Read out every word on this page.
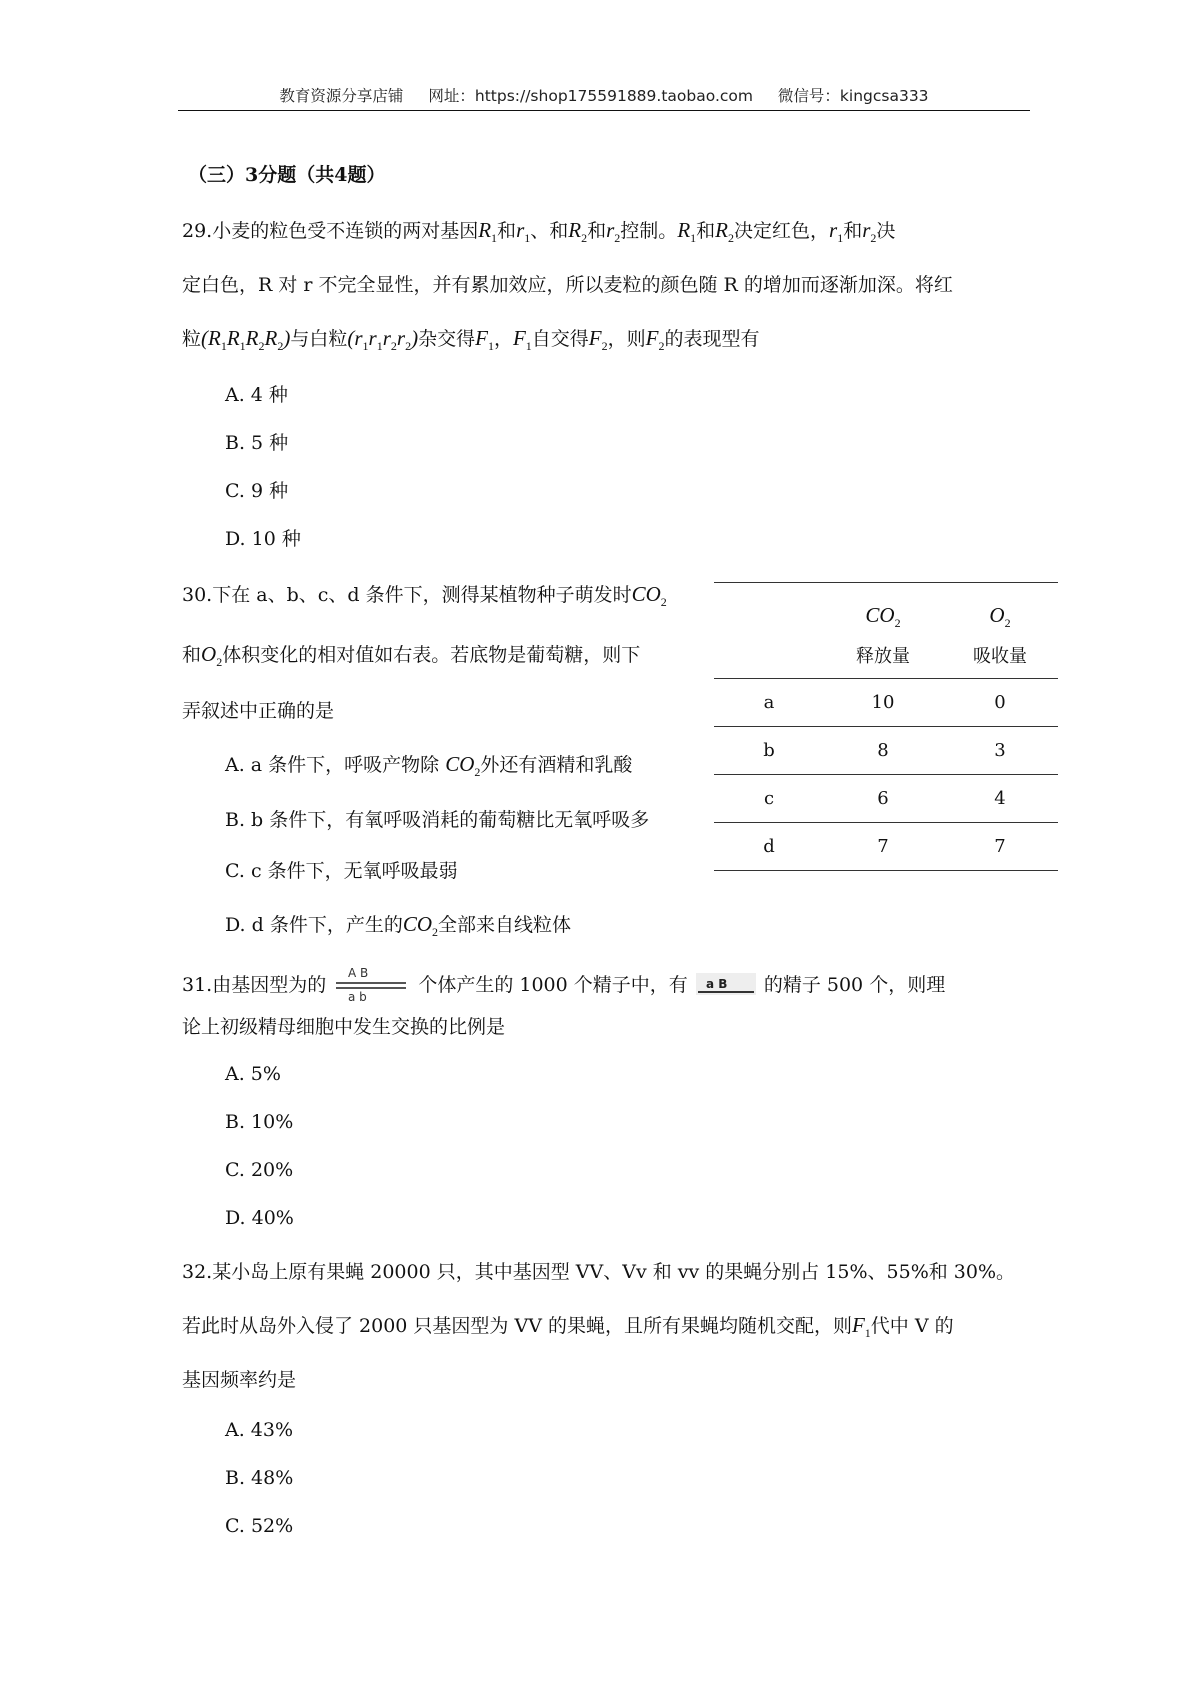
教育资源分享店铺 网址：https://shop175591889.taobao.com 微信号：kingcsa333
（三）3分题（共4题）
29.小麦的粒色受不连锁的两对基因$R_1$和$r_1$、和$R_2$和$r_2$控制。$R_1$和$R_2$决定红色，$r_1$和$r_2$决
定白色，R 对 r 不完全显性，并有累加效应，所以麦粒的颜色随 R 的增加而逐渐加深。将红
粒$(R_1R_1R_2R_2)$与白粒$(r_1r_1r_2r_2)$杂交得$F_1$，$F_1$自交得$F_2$，则$F_2$的表现型有
A. 4 种
B. 5 种
C. 9 种
D. 10 种
30.下在 a、b、c、d 条件下，测得某植物种子萌发时$CO_2$
和$O_2$体积变化的相对值如右表。若底物是葡萄糖，则下
弄叙述中正确的是
A. a 条件下，呼吸产物除 $CO_2$外还有酒精和乳酸
B. b 条件下，有氧呼吸消耗的葡萄糖比无氧呼吸多
C. c 条件下，无氧呼吸最弱
D. d 条件下，产生的$CO_2$全部来自线粒体
	$CO_2$	$O_2$
	释放量	吸收量
a	10	0
b	8	3
c	6	4
d	7	7
31.由基因型为的
A B
a b
个体产生的 1000 个精子中，有 a B 的精子 500 个，则理
论上初级精母细胞中发生交换的比例是
A. 5%
B. 10%
C. 20%
D. 40%
32.某小岛上原有果蝇 20000 只，其中基因型 VV、Vv 和 vv 的果蝇分别占 15%、55%和 30%。
若此时从岛外入侵了 2000 只基因型为 VV 的果蝇，且所有果蝇均随机交配，则$F_1$代中 V 的
基因频率约是
A. 43%
B. 48%
C. 52%
